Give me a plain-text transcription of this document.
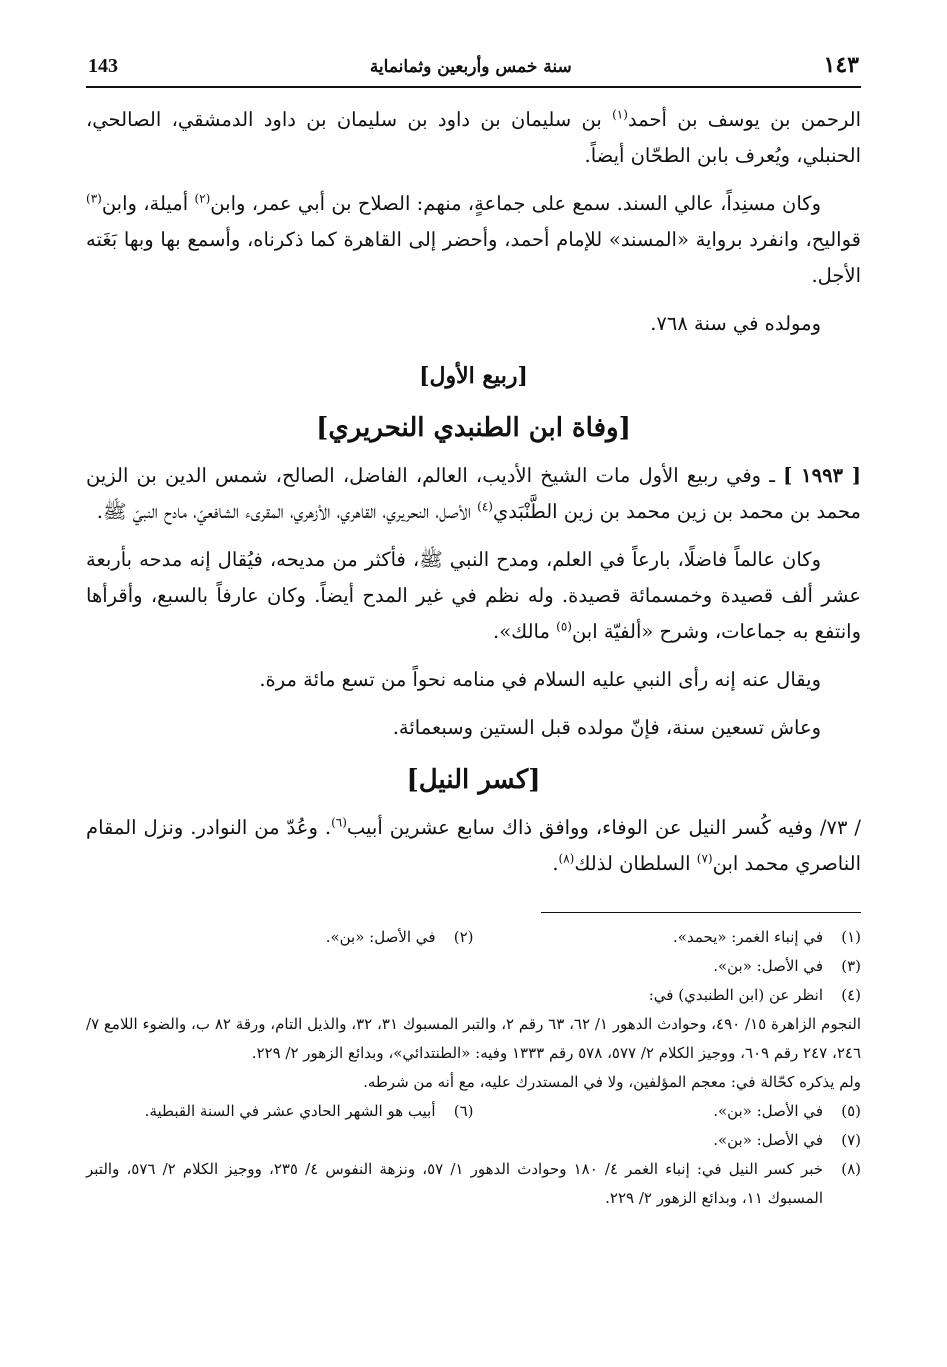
١٤٣
سنة خمس وأربعين وثمانماية
143

الرحمن بن يوسف بن أحمد$^{(١)}$ بن سليمان بن داود بن سليمان بن داود الدمشقي، الصالحي، الحنبلي، ويُعرف بابن الطحّان أيضاً.

وكان مسنِداً، عالي السند. سمع على جماعةٍ، منهم: الصلاح بن أبي عمر، وابن$^{(٢)}$ أميلة، وابن$^{(٣)}$ قواليح، وانفرد برواية «المسند» للإمام أحمد، وأحضر إلى القاهرة كما ذكرناه، وأسمع بها وبها بَغَته الأجل.

ومولده في سنة ٧٦٨.

[ربيع الأول]
[وفاة ابن الطنبدي النحريري]

[ ١٩٩٣ ] ـ وفي ربيع الأول مات الشيخ الأديب، العالم، الفاضل، الصالح، شمس الدين بن الزين محمد بن محمد بن زين محمد بن زين الطَّنْبَدي$^{(٤)}$ الأصل، النحريري، القاهري، الأزهري، المقرىء الشافعيّ، مادح النبيّ ﷺ.

وكان عالماً فاضلًا، بارعاً في العلم، ومدح النبي ﷺ، فأكثر من مديحه، فيُقال إنه مدحه بأربعة عشر ألف قصيدة وخمسمائة قصيدة. وله نظم في غير المدح أيضاً. وكان عارفاً بالسبع، وأقرأها وانتفع به جماعات، وشرح «ألفيّة ابن$^{(٥)}$ مالك».

ويقال عنه إنه رأى النبي عليه السلام في منامه نحواً من تسع مائة مرة.

وعاش تسعين سنة، فإنّ مولده قبل الستين وسبعمائة.

[كسر النيل]

/ ٧٣/ وفيه كُسر النيل عن الوفاء، ووافق ذاك سابع عشرين أبيب$^{(٦)}$. وعُدّ من النوادر. ونزل المقام الناصري محمد ابن$^{(٧)}$ السلطان لذلك$^{(٨)}$.

(١)
في إنباء الغمر: «يحمد».
(٢)
في الأصل: «بن».
(٣)
في الأصل: «بن».
(٤)
انظر عن (ابن الطنبدي) في:
النجوم الزاهرة ١٥/ ٤٩٠، وحوادث الدهور ١/ ٦٢، ٦٣ رقم ٢، والتبر المسبوك ٣١، ٣٢، والذيل التام، ورقة ٨٢ ب، والضوء اللامع ٧/ ٢٤٦، ٢٤٧ رقم ٦٠٩، ووجيز الكلام ٢/ ٥٧٧، ٥٧٨ رقم ١٣٣٣ وفيه: «الطنتدائي»، وبدائع الزهور ٢/ ٢٢٩.
ولم يذكره كحّالة في: معجم المؤلفين، ولا في المستدرك عليه، مع أنه من شرطه.
(٥)
في الأصل: «بن».
(٦)
أبيب هو الشهر الحادي عشر في السنة القبطية.
(٧)
في الأصل: «بن».
(٨)
خبر كسر النيل في: إنباء الغمر ٤/ ١٨٠ وحوادث الدهور ١/ ٥٧، ونزهة النفوس ٤/ ٢٣٥، ووجيز الكلام ٢/ ٥٧٦، والتبر المسبوك ١١، وبدائع الزهور ٢/ ٢٢٩.
